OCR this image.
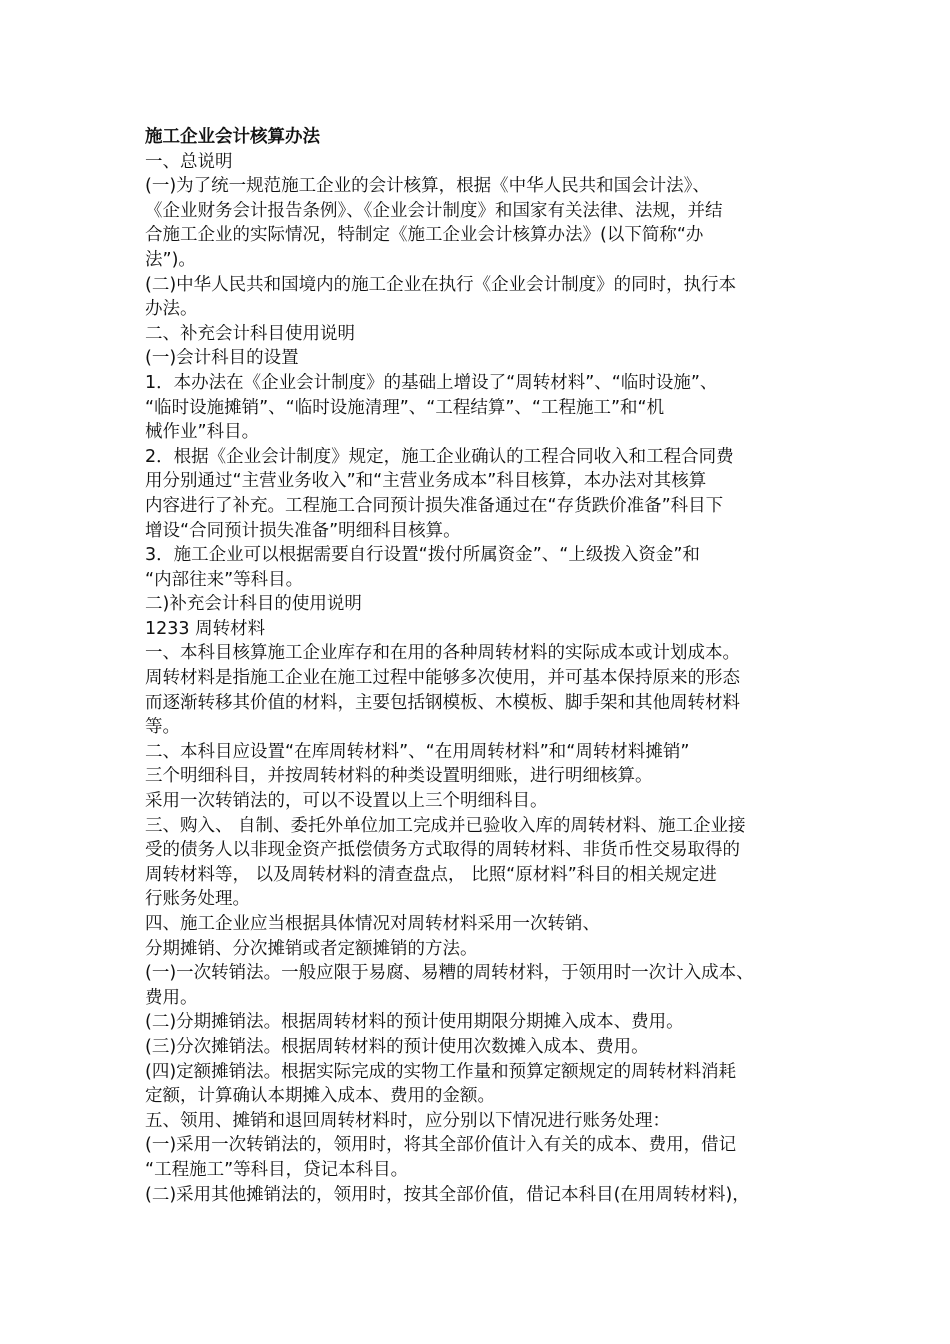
施工企业会计核算办法
一、总说明
(一)为了统一规范施工企业的会计核算，根据《中华人民共和国会计法》、
《企业财务会计报告条例》、《企业会计制度》和国家有关法律、法规，并结
合施工企业的实际情况，特制定《施工企业会计核算办法》(以下简称“办
法”)。
(二)中华人民共和国境内的施工企业在执行《企业会计制度》的同时，执行本
办法。
二、补充会计科目使用说明
(一)会计科目的设置
1．本办法在《企业会计制度》的基础上增设了“周转材料”、“临时设施”、
“临时设施摊销”、“临时设施清理”、“工程结算”、“工程施工”和“机
械作业”科目。
2．根据《企业会计制度》规定，施工企业确认的工程合同收入和工程合同费
用分别通过“主营业务收入”和“主营业务成本”科目核算，本办法对其核算
内容进行了补充。工程施工合同预计损失准备通过在“存货跌价准备”科目下
增设“合同预计损失准备”明细科目核算。
3．施工企业可以根据需要自行设置“拨付所属资金”、“上级拨入资金”和
“内部往来”等科目。
二)补充会计科目的使用说明
1233 周转材料
一、本科目核算施工企业库存和在用的各种周转材料的实际成本或计划成本。
周转材料是指施工企业在施工过程中能够多次使用，并可基本保持原来的形态
而逐渐转移其价值的材料，主要包括钢模板、木模板、脚手架和其他周转材料
等。
二、本科目应设置“在库周转材料”、“在用周转材料”和“周转材料摊销”
三个明细科目，并按周转材料的种类设置明细账，进行明细核算。
采用一次转销法的，可以不设置以上三个明细科目。
三、购入、 自制、委托外单位加工完成并已验收入库的周转材料、施工企业接
受的债务人以非现金资产抵偿债务方式取得的周转材料、非货币性交易取得的
周转材料等， 以及周转材料的清查盘点， 比照“原材料”科目的相关规定进
行账务处理。
四、施工企业应当根据具体情况对周转材料采用一次转销、
分期摊销、分次摊销或者定额摊销的方法。
(一)一次转销法。一般应限于易腐、易糟的周转材料，于领用时一次计入成本、
费用。
(二)分期摊销法。根据周转材料的预计使用期限分期摊入成本、费用。
(三)分次摊销法。根据周转材料的预计使用次数摊入成本、费用。
(四)定额摊销法。根据实际完成的实物工作量和预算定额规定的周转材料消耗
定额，计算确认本期摊入成本、费用的金额。
五、领用、摊销和退回周转材料时，应分别以下情况进行账务处理：
(一)采用一次转销法的，领用时，将其全部价值计入有关的成本、费用，借记
“工程施工”等科目，贷记本科目。
(二)采用其他摊销法的，领用时，按其全部价值，借记本科目(在用周转材料)，
